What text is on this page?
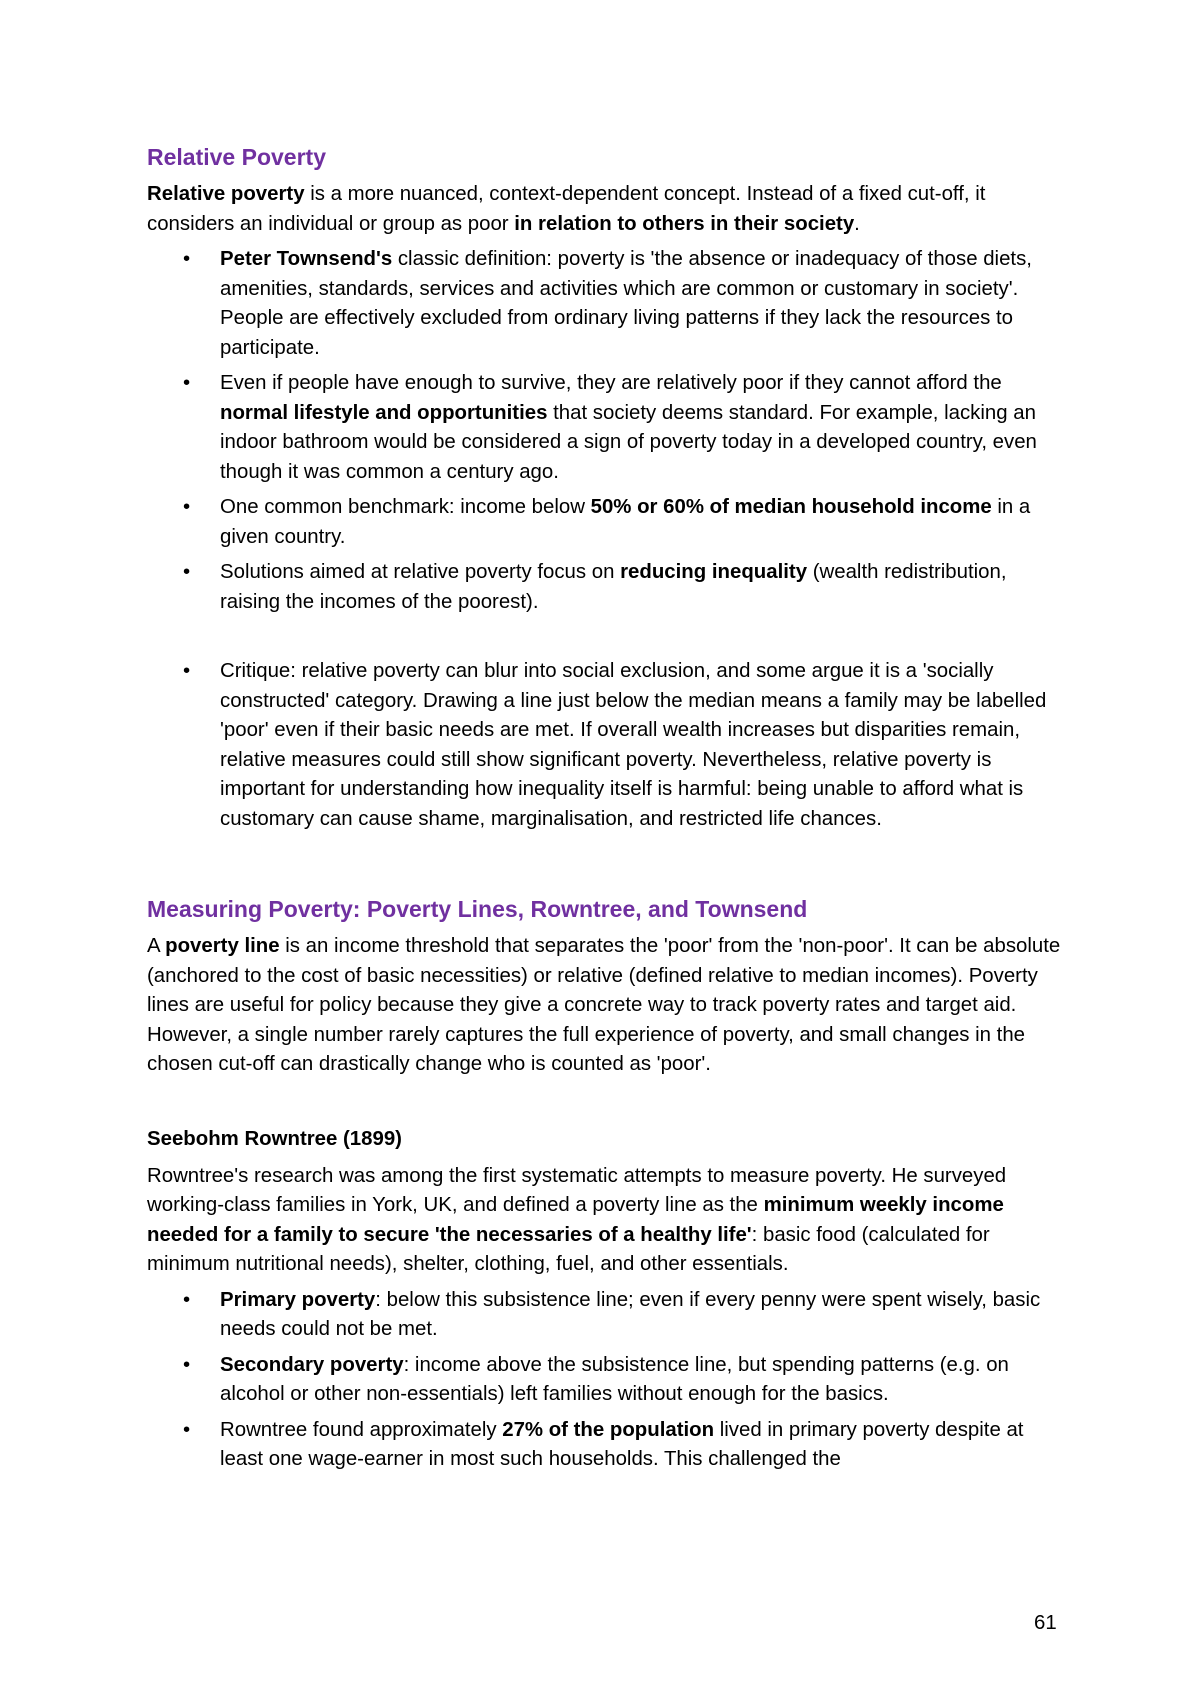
Relative Poverty

Relative poverty is a more nuanced, context-dependent concept. Instead of a fixed cut-off, it considers an individual or group as poor in relation to others in their society.

• Peter Townsend's classic definition: poverty is 'the absence or inadequacy of those diets, amenities, standards, services and activities which are common or customary in society'. People are effectively excluded from ordinary living patterns if they lack the resources to participate.
• Even if people have enough to survive, they are relatively poor if they cannot afford the normal lifestyle and opportunities that society deems standard. For example, lacking an indoor bathroom would be considered a sign of poverty today in a developed country, even though it was common a century ago.
• One common benchmark: income below 50% or 60% of median household income in a given country.
• Solutions aimed at relative poverty focus on reducing inequality (wealth redistribution, raising the incomes of the poorest).
• Critique: relative poverty can blur into social exclusion, and some argue it is a 'socially constructed' category. Drawing a line just below the median means a family may be labelled 'poor' even if their basic needs are met. If overall wealth increases but disparities remain, relative measures could still show significant poverty. Nevertheless, relative poverty is important for understanding how inequality itself is harmful: being unable to afford what is customary can cause shame, marginalisation, and restricted life chances.
Measuring Poverty: Poverty Lines, Rowntree, and Townsend

A poverty line is an income threshold that separates the 'poor' from the 'non-poor'. It can be absolute (anchored to the cost of basic necessities) or relative (defined relative to median incomes). Poverty lines are useful for policy because they give a concrete way to track poverty rates and target aid. However, a single number rarely captures the full experience of poverty, and small changes in the chosen cut-off can drastically change who is counted as 'poor'.

Seebohm Rowntree (1899)

Rowntree's research was among the first systematic attempts to measure poverty. He surveyed working-class families in York, UK, and defined a poverty line as the minimum weekly income needed for a family to secure 'the necessaries of a healthy life': basic food (calculated for minimum nutritional needs), shelter, clothing, fuel, and other essentials.

• Primary poverty: below this subsistence line; even if every penny were spent wisely, basic needs could not be met.
• Secondary poverty: income above the subsistence line, but spending patterns (e.g. on alcohol or other non-essentials) left families without enough for the basics.
• Rowntree found approximately 27% of the population lived in primary poverty despite at least one wage-earner in most such households. This challenged the
61
